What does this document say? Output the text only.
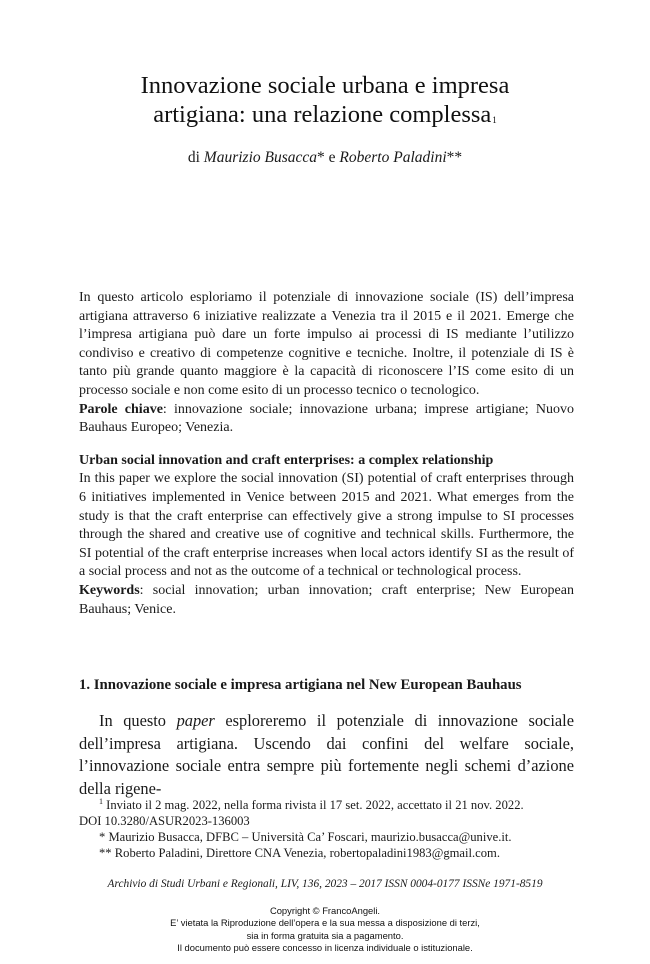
Innovazione sociale urbana e impresa
artigiana: una relazione complessa$^1$
di Maurizio Busacca* e Roberto Paladini**

In questo articolo esploriamo il potenziale di innovazione sociale (IS) dell’impresa artigiana attraverso 6 iniziative realizzate a Venezia tra il 2015 e il 2021. Emerge che l’impresa artigiana può dare un forte impulso ai processi di IS mediante l’utilizzo condiviso e creativo di competenze cognitive e tecniche. Inoltre, il potenziale di IS è tanto più grande quanto maggiore è la capacità di riconoscere l’IS come esito di un processo sociale e non come esito di un processo tecnico o tecnologico.

Parole chiave: innovazione sociale; innovazione urbana; imprese artigiane; Nuovo Bauhaus Europeo; Venezia.

Urban social innovation and craft enterprises: a complex relationship

In this paper we explore the social innovation (SI) potential of craft enterprises through 6 initiatives implemented in Venice between 2015 and 2021. What emerges from the study is that the craft enterprise can effectively give a strong impulse to SI processes through the shared and creative use of cognitive and technical skills. Furthermore, the SI potential of the craft enterprise increases when local actors identify SI as the result of a social process and not as the outcome of a technical or technological process.

Keywords: social innovation; urban innovation; craft enterprise; New European Bauhaus; Venice.

1. Innovazione sociale e impresa artigiana nel New European Bauhaus

In questo paper esploreremo il potenziale di innovazione sociale dell’impresa artigiana. Uscendo dai confini del welfare sociale, l’innovazione sociale entra sempre più fortemente negli schemi d’azione della rigene-

$^1$ Inviato il 2 mag. 2022, nella forma rivista il 17 set. 2022, accettato il 21 nov. 2022.

DOI 10.3280/ASUR2023-136003

* Maurizio Busacca, DFBC – Università Ca’ Foscari, maurizio.busacca@unive.it.

** Roberto Paladini, Direttore CNA Venezia, robertopaladini1983@gmail.com.

Archivio di Studi Urbani e Regionali, LIV, 136, 2023 – 2017 ISSN 0004-0177 ISSNe 1971-8519
Copyright © FrancoAngeli.
E’ vietata la Riproduzione dell’opera e la sua messa a disposizione di terzi,
sia in forma gratuita sia a pagamento.
Il documento può essere concesso in licenza individuale o istituzionale.
